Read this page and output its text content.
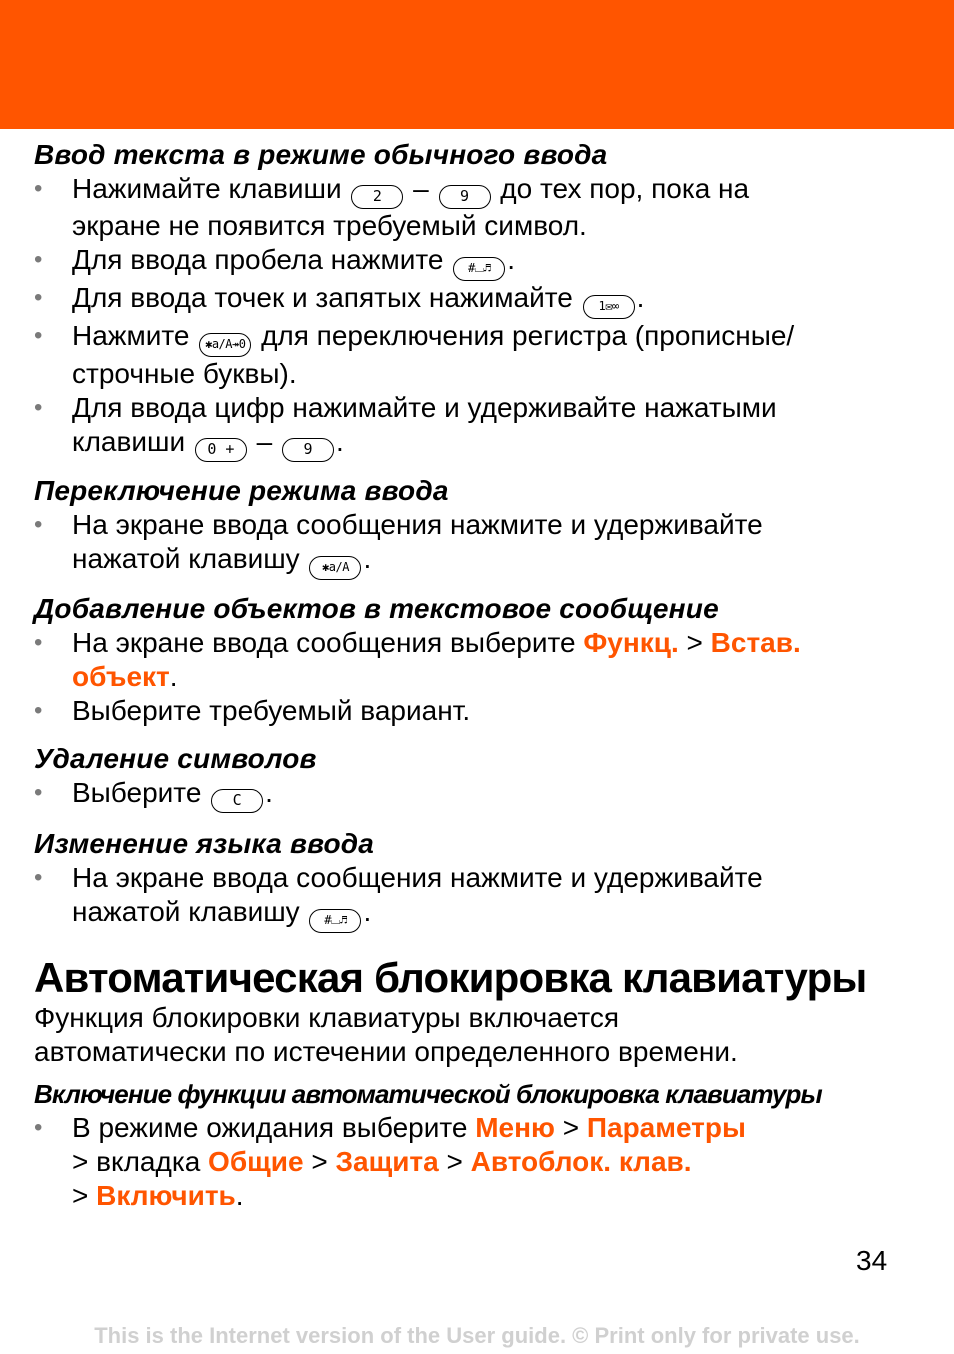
Ввод текста в режиме обычного ввода
• Нажимайте клавиши 2 – 9 до тех пор, пока на
экране не появится требуемый символ.
• Для ввода пробела нажмите #⌴♬ .
• Для ввода точек и запятых нажимайте 1✉∞ .
• Нажмите ✱a/A↠0 для переключения регистра (прописные/
строчные буквы).
• Для ввода цифр нажимайте и удерживайте нажатыми
клавиши 0 + – 9 .
Переключение режима ввода
• На экране ввода сообщения нажмите и удерживайте
нажатой клавишу ✱a/A .
Добавление объектов в текстовое сообщение
• На экране ввода сообщения выберите Функц. > Встав.
объект.
• Выберите требуемый вариант.
Удаление символов
• Выберите C .
Изменение языка ввода
• На экране ввода сообщения нажмите и удерживайте
нажатой клавишу #⌴♬ .
Автоматическая блокировка клавиатуры

Функция блокировки клавиатуры включается
автоматически по истечении определенного времени.

Включение функции автоматической блокировка клавиатуры
• В режиме ожидания выберите Меню > Параметры
> вкладка Общие > Защита > Автоблок. клав.
> Включить.
34
This is the Internet version of the User guide. © Print only for private use.
